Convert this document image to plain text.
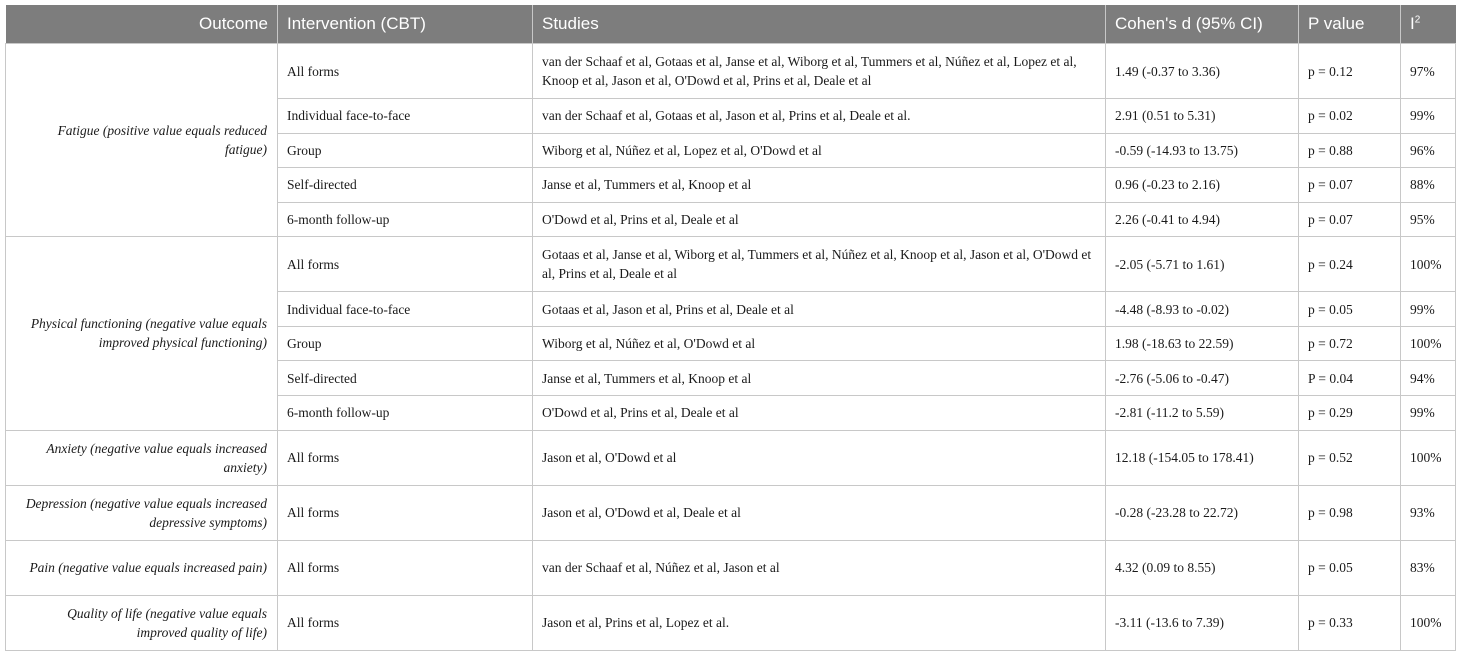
Outcome	Intervention (CBT)	Studies	Cohen's d (95% CI)	P value	$I^2$
Fatigue (positive value equals reduced fatigue)	All forms	van der Schaaf et al, Gotaas et al, Janse et al, Wiborg et al, Tummers et al, Núñez et al, Lopez et al, Knoop et al, Jason et al, O'Dowd et al, Prins et al, Deale et al	1.49 (-0.37 to 3.36)	p = 0.12	97%
	Individual face-to-face	van der Schaaf et al, Gotaas et al, Jason et al, Prins et al, Deale et al.	2.91 (0.51 to 5.31)	p = 0.02	99%
	Group	Wiborg et al, Núñez et al, Lopez et al, O'Dowd et al	-0.59 (-14.93 to 13.75)	p = 0.88	96%
	Self-directed	Janse et al, Tummers et al, Knoop et al	0.96 (-0.23 to 2.16)	p = 0.07	88%
	6-month follow-up	O'Dowd et al, Prins et al, Deale et al	2.26 (-0.41 to 4.94)	p = 0.07	95%
Physical functioning (negative value equals improved physical functioning)	All forms	Gotaas et al, Janse et al, Wiborg et al, Tummers et al, Núñez et al, Knoop et al, Jason et al, O'Dowd et al, Prins et al, Deale et al	-2.05 (-5.71 to 1.61)	p = 0.24	100%
	Individual face-to-face	Gotaas et al, Jason et al, Prins et al, Deale et al	-4.48 (-8.93 to -0.02)	p = 0.05	99%
	Group	Wiborg et al, Núñez et al, O'Dowd et al	1.98 (-18.63 to 22.59)	p = 0.72	100%
	Self-directed	Janse et al, Tummers et al, Knoop et al	-2.76 (-5.06 to -0.47)	P = 0.04	94%
	6-month follow-up	O'Dowd et al, Prins et al, Deale et al	-2.81 (-11.2 to 5.59)	p = 0.29	99%
Anxiety (negative value equals increased anxiety)	All forms	Jason et al, O'Dowd et al	12.18 (-154.05 to 178.41)	p = 0.52	100%
Depression (negative value equals increased depressive symptoms)	All forms	Jason et al, O'Dowd et al, Deale et al	-0.28 (-23.28 to 22.72)	p = 0.98	93%
Pain (negative value equals increased pain)	All forms	van der Schaaf et al, Núñez et al, Jason et al	4.32 (0.09 to 8.55)	p = 0.05	83%
Quality of life (negative value equals improved quality of life)	All forms	Jason et al, Prins et al, Lopez et al.	-3.11 (-13.6 to 7.39)	p = 0.33	100%
